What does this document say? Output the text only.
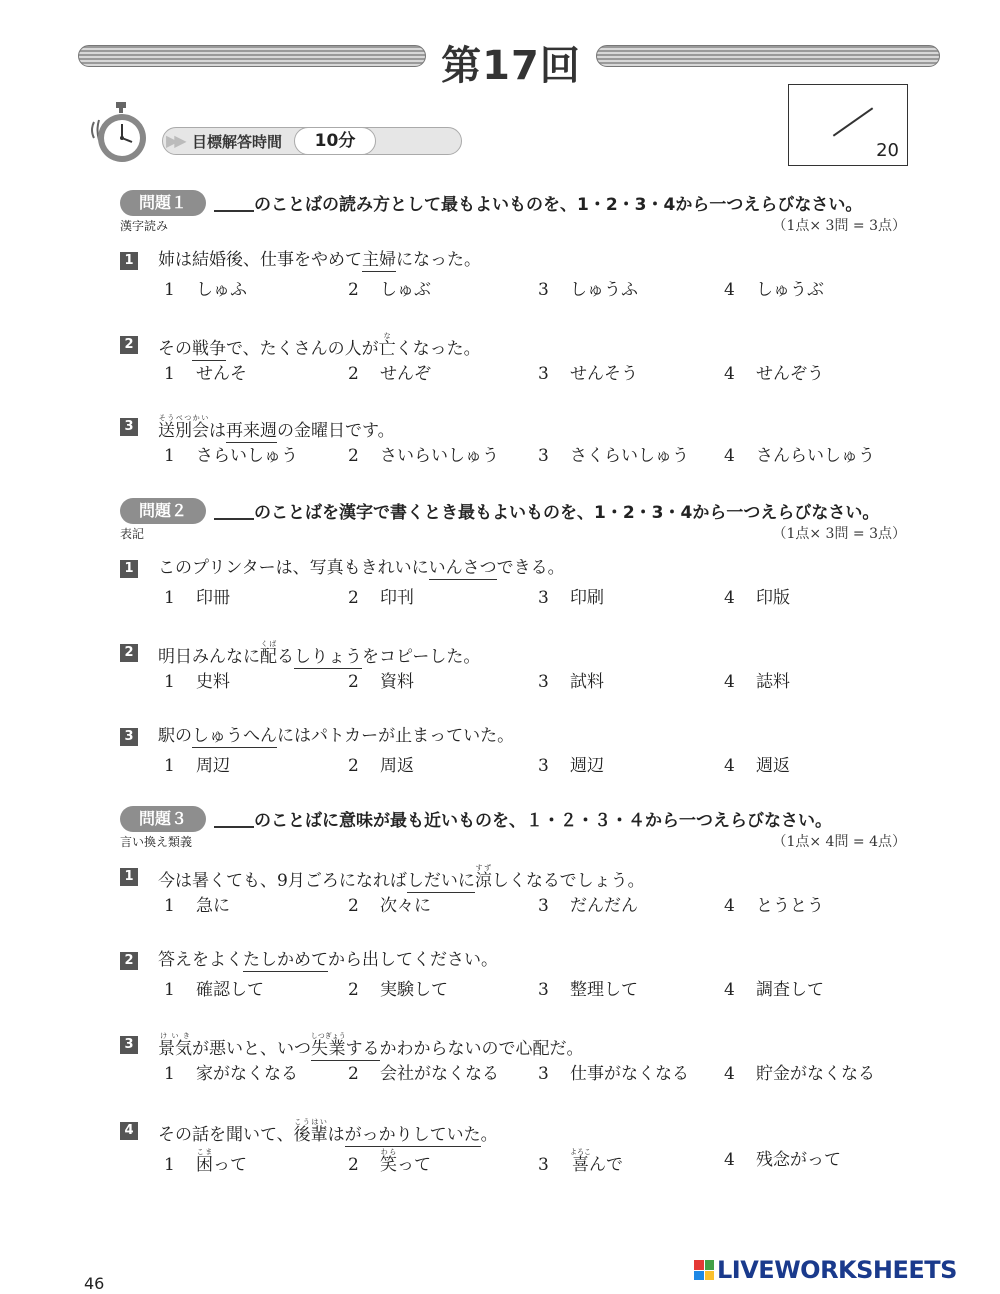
第17回
20
▶▶ 目標解答時間	10分
問題１	のことばの読み方として最もよいものを、1・2・3・4から一つえらびなさい。
漢字読み	（1点× 3問 = 3点）
1 姉は結婚後、仕事をやめて主婦になった。
1 しゅふ	2 しゅぶ	3 しゅうふ	4 しゅうぶ
2 その戦争で、たくさんの人が亡なくなった。
1 せんそ	2 せんぞ	3 せんそう	4 せんぞう
3 送別会そうべつかいは再来週の金曜日です。
1 さらいしゅう	2 さいらいしゅう 3 さくらいしゅう 4 さんらいしゅう
問題２	のことばを漢字で書くとき最もよいものを、1・2・3・4から一つえらびなさい。
表記	（1点× 3問 = 3点）
1 このプリンターは、写真もきれいにいんさつできる。
1 印冊	2 印刊	3 印刷	4 印版
2 明日みんなに配くばるしりょうをコピーした。
1 史料	2 資料	3 試料	4 誌料
3 駅のしゅうへんにはパトカーが止まっていた。
1 周辺	2 周返	3 週辺	4 週返
問題３	のことばに意味が最も近いものを、１・２・３・４から一つえらびなさい。
言い換え類義	（1点× 4問 = 4点）
1 今は暑くても、9月ごろになればしだいに涼すずしくなるでしょう。
1 急に	2 次々に	3 だんだん	4 とうとう
2 答えをよくたしかめてから出してください。
1 確認して	2 実験して	3 整理して	4 調査して
3 景気けいきが悪いと、いつ失業しつぎょうするかわからないので心配だ。
1 家がなくなる	2 会社がなくなる 3 仕事がなくなる 4 貯金がなくなる
4 その話を聞いて、後輩こうはいはがっかりしていた。
1 困こまって	2 笑わらって	3 喜よろこんで	4 残念がって
46	LIVEWORKSHEETS
